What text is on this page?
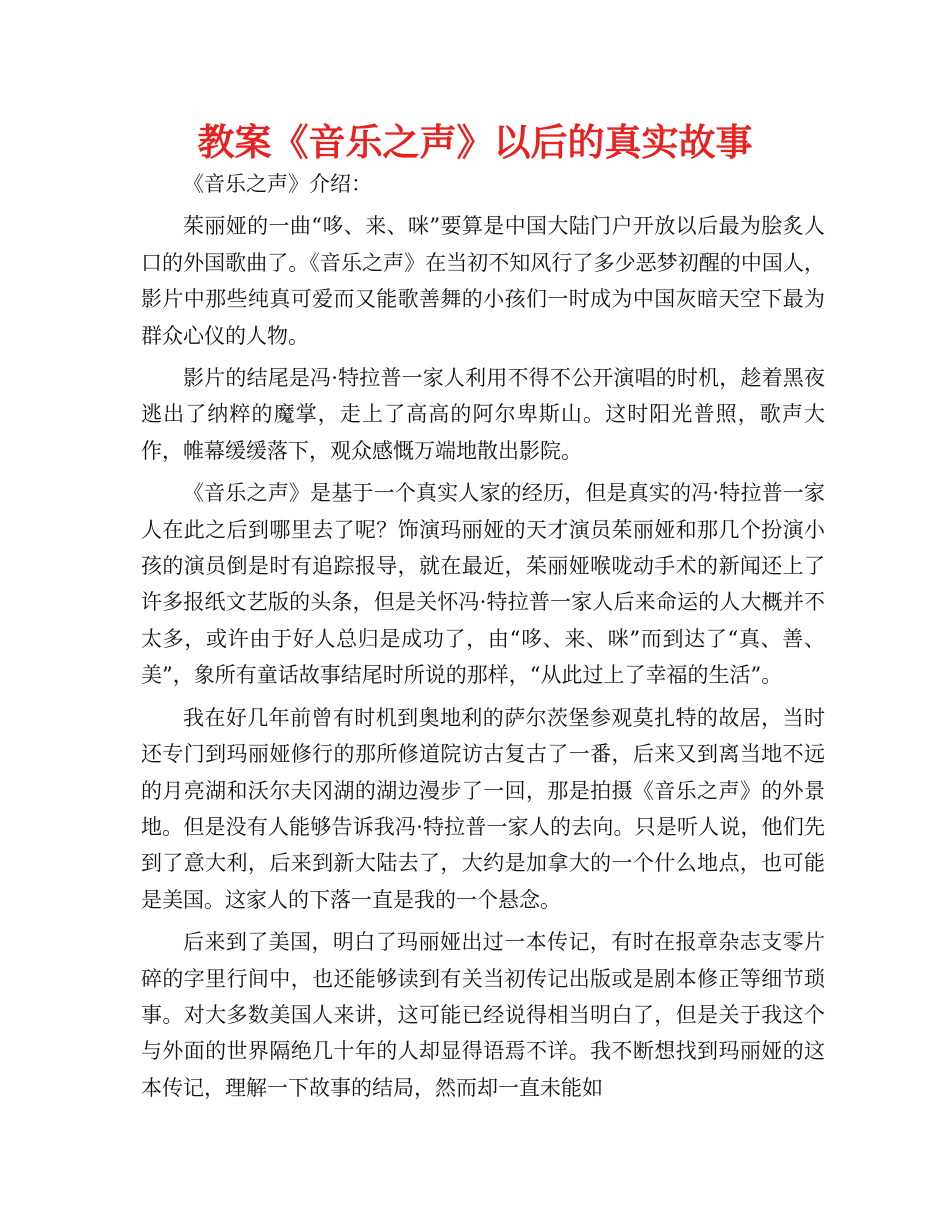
教案《音乐之声》以后的真实故事

《音乐之声》介绍：

茱丽娅的一曲“哆、来、咪”要算是中国大陆门户开放以后最为脍炙人口的外国歌曲了。《音乐之声》在当初不知风行了多少恶梦初醒的中国人，影片中那些纯真可爱而又能歌善舞的小孩们一时成为中国灰暗天空下最为群众心仪的人物。

影片的结尾是冯·特拉普一家人利用不得不公开演唱的时机，趁着黑夜逃出了纳粹的魔掌，走上了高高的阿尔卑斯山。这时阳光普照，歌声大作，帷幕缓缓落下，观众感慨万端地散出影院。

《音乐之声》是基于一个真实人家的经历，但是真实的冯·特拉普一家人在此之后到哪里去了呢？饰演玛丽娅的天才演员茱丽娅和那几个扮演小孩的演员倒是时有追踪报导，就在最近，茱丽娅喉咙动手术的新闻还上了许多报纸文艺版的头条，但是关怀冯·特拉普一家人后来命运的人大概并不太多，或许由于好人总归是成功了，由“哆、来、咪”而到达了“真、善、美”，象所有童话故事结尾时所说的那样，“从此过上了幸福的生活”。

我在好几年前曾有时机到奥地利的萨尔茨堡参观莫扎特的故居，当时还专门到玛丽娅修行的那所修道院访古复古了一番，后来又到离当地不远的月亮湖和沃尔夫冈湖的湖边漫步了一回，那是拍摄《音乐之声》的外景地。但是没有人能够告诉我冯·特拉普一家人的去向。只是听人说，他们先到了意大利，后来到新大陆去了，大约是加拿大的一个什么地点，也可能是美国。这家人的下落一直是我的一个悬念。

后来到了美国，明白了玛丽娅出过一本传记，有时在报章杂志支零片碎的字里行间中，也还能够读到有关当初传记出版或是剧本修正等细节琐事。对大多数美国人来讲，这可能已经说得相当明白了，但是关于我这个与外面的世界隔绝几十年的人却显得语焉不详。我不断想找到玛丽娅的这本传记，理解一下故事的结局，然而却一直未能如
